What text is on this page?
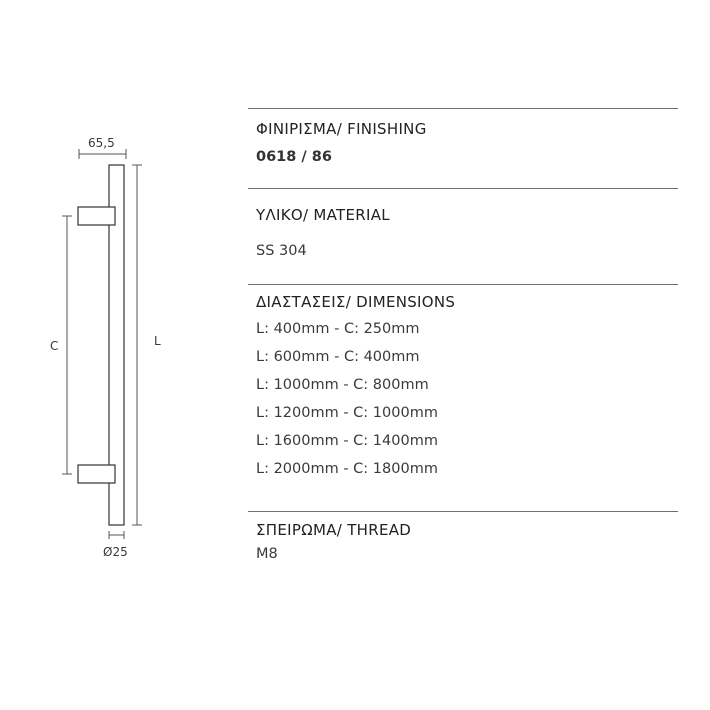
65,5
C	L
Ø25
ΦΙΝΙΡΙΣΜΑ/ FINISHING
0618 / 86
ΥΛΙΚΟ/ MATERIAL
SS 304
ΔΙΑΣΤΑΣΕΙΣ/ DIMENSIONS
L: 400mm - C: 250mm
L: 600mm - C: 400mm
L: 1000mm - C: 800mm
L: 1200mm - C: 1000mm
L: 1600mm - C: 1400mm
L: 2000mm - C: 1800mm
ΣΠΕΙΡΩΜΑ/ THREAD
M8
